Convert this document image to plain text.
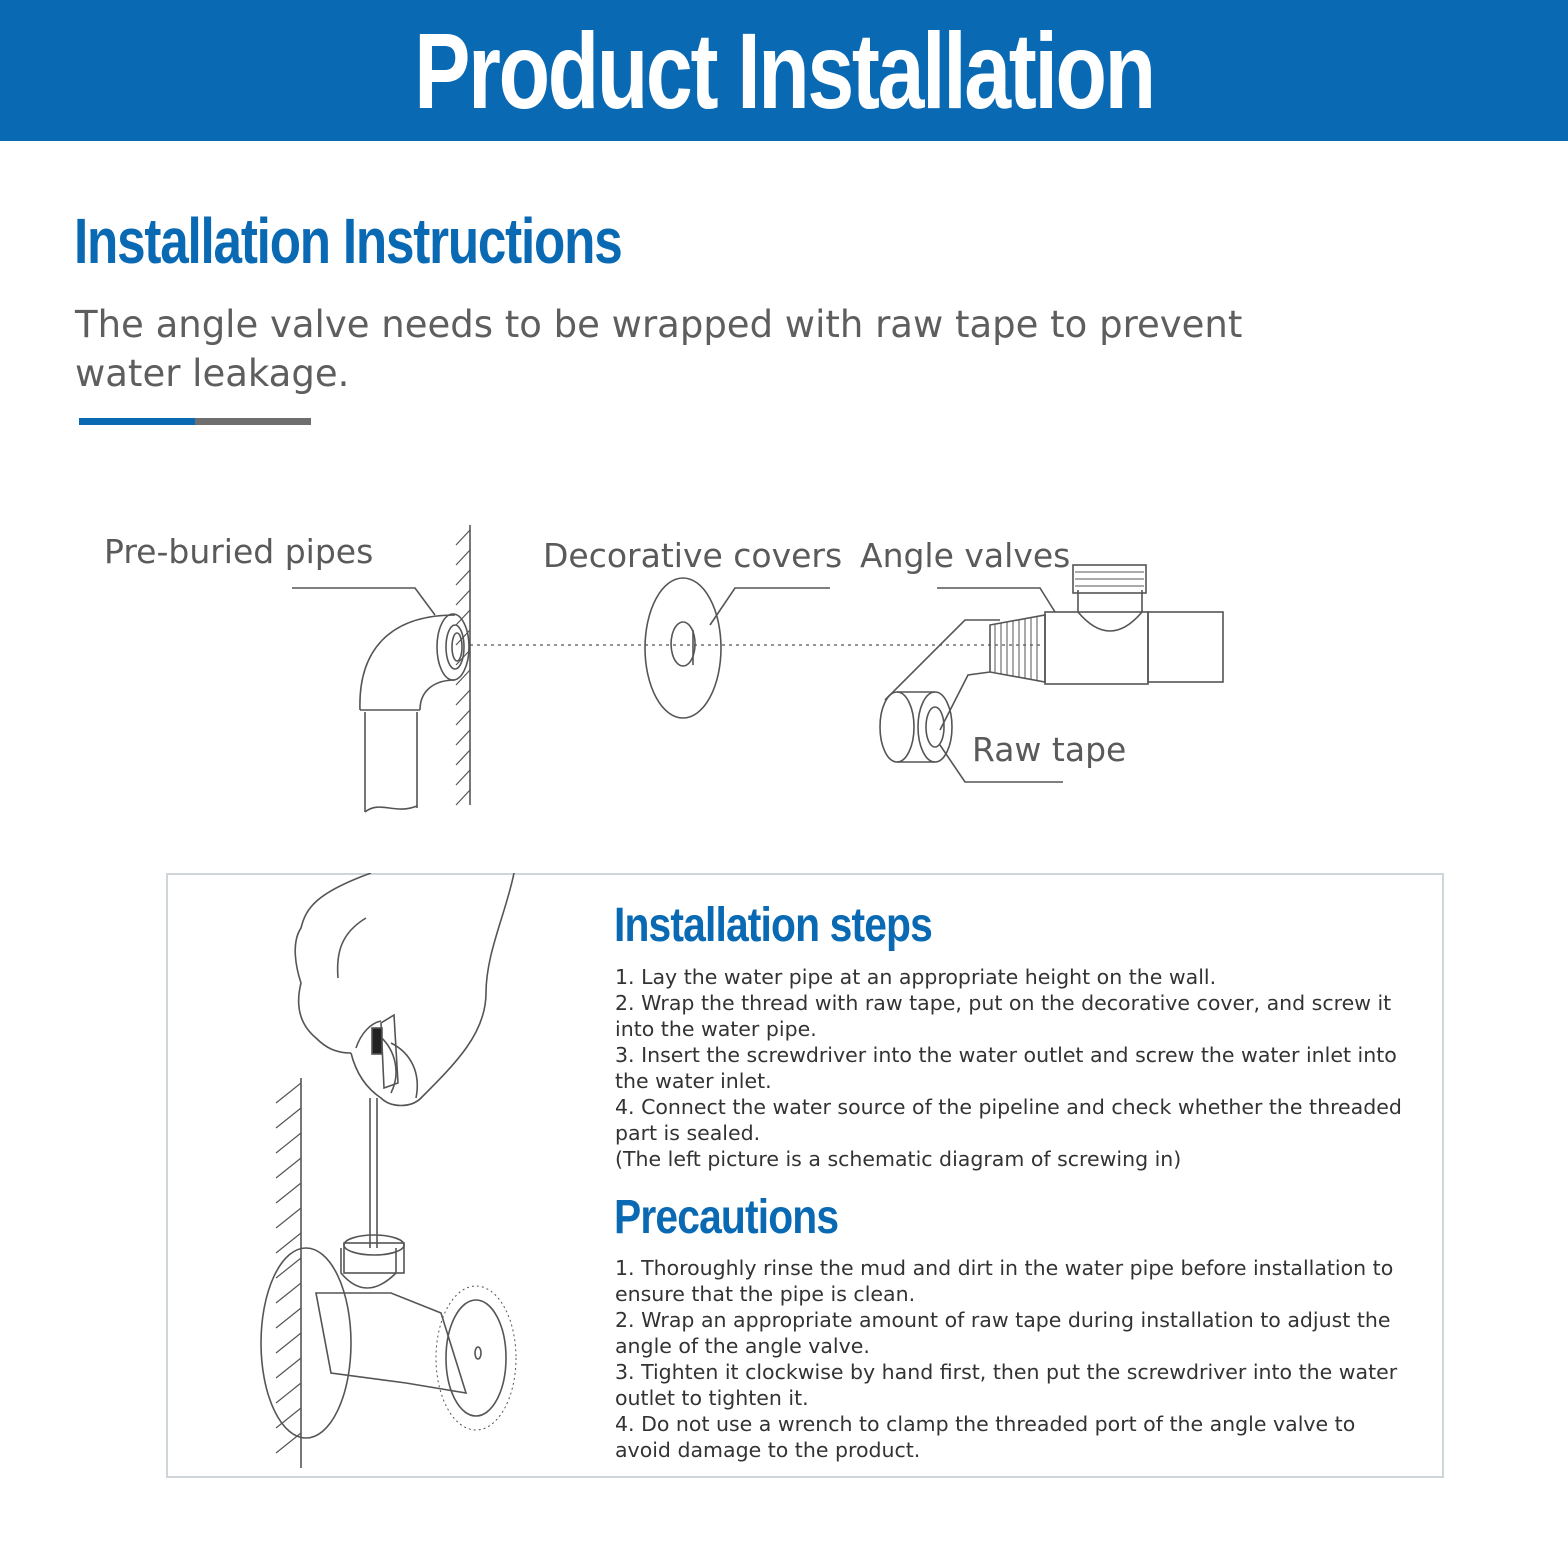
Product Installation
Installation Instructions

The angle valve needs to be wrapped with raw tape to prevent water leakage.

Pre-buried pipes	Decorative covers Angle valves
Raw tape
Installation steps
1. Lay the water pipe at an appropriate height on the wall.
2. Wrap the thread with raw tape, put on the decorative cover, and screw it into the water pipe.
3. Insert the screwdriver into the water outlet and screw the water inlet into the water inlet.
4. Connect the water source of the pipeline and check whether the threaded part is sealed.
(The left picture is a schematic diagram of screwing in)
Precautions
1. Thoroughly rinse the mud and dirt in the water pipe before installation to ensure that the pipe is clean.
2. Wrap an appropriate amount of raw tape during installation to adjust the angle of the angle valve.
3. Tighten it clockwise by hand first, then put the screwdriver into the water outlet to tighten it.
4. Do not use a wrench to clamp the threaded port of the angle valve to avoid damage to the product.
